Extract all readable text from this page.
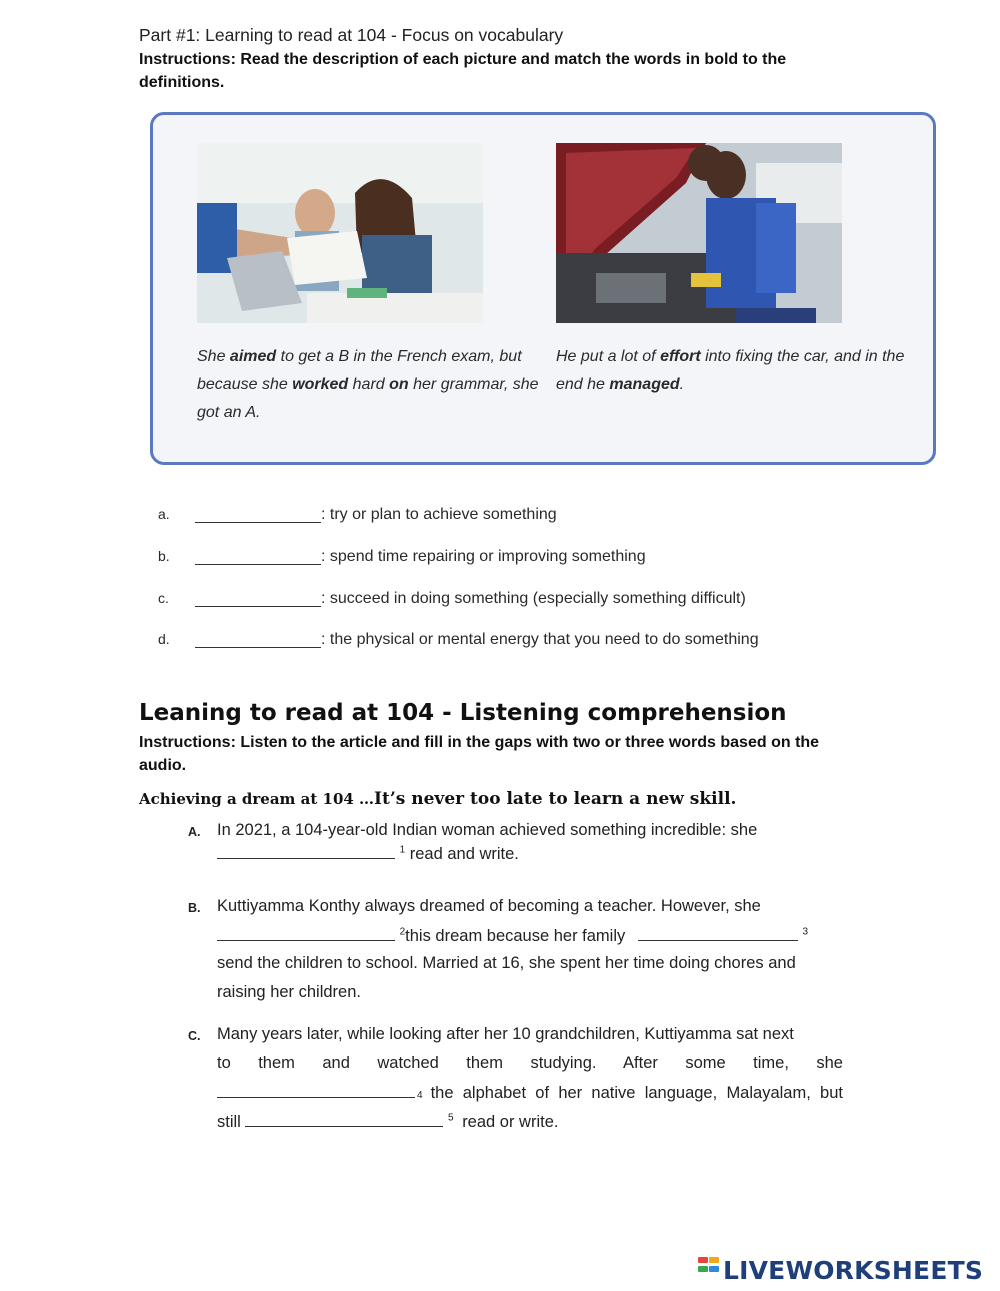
Part #1: Learning to read at 104 - Focus on vocabulary
Instructions: Read the description of each picture and match the words in bold to the definitions.
She aimed to get a B in the French exam, but because she worked hard on her grammar, she got an A.
He put a lot of effort into fixing the car, and in the end he managed.
a.	: try or plan to achieve something
b.	: spend time repairing or improving something
c.	: succeed in doing something (especially something difficult)
d.	: the physical or mental energy that you need to do something
Leaning to read at 104 - Listening comprehension
Instructions: Listen to the article and fill in the gaps with two or three words based on the audio.
Achieving a dream at 104 …It’s never too late to learn a new skill.
A. In 2021, a 104-year-old Indian woman achieved something incredible: she
$^1$ read and write.
B. Kuttiyamma Konthy always dreamed of becoming a teacher. However, she
$^2$this dream because her family	$^3$
send the children to school. Married at 16, she spent her time doing chores and
raising her children.
C. Many years later, while looking after her 10 grandchildren, Kuttiyamma sat next
to them and watched them studying. After some time, she
$_4$ the alphabet of her native language, Malayalam, but
still	$^5$ read or write.
LIVEWORKSHEETS
